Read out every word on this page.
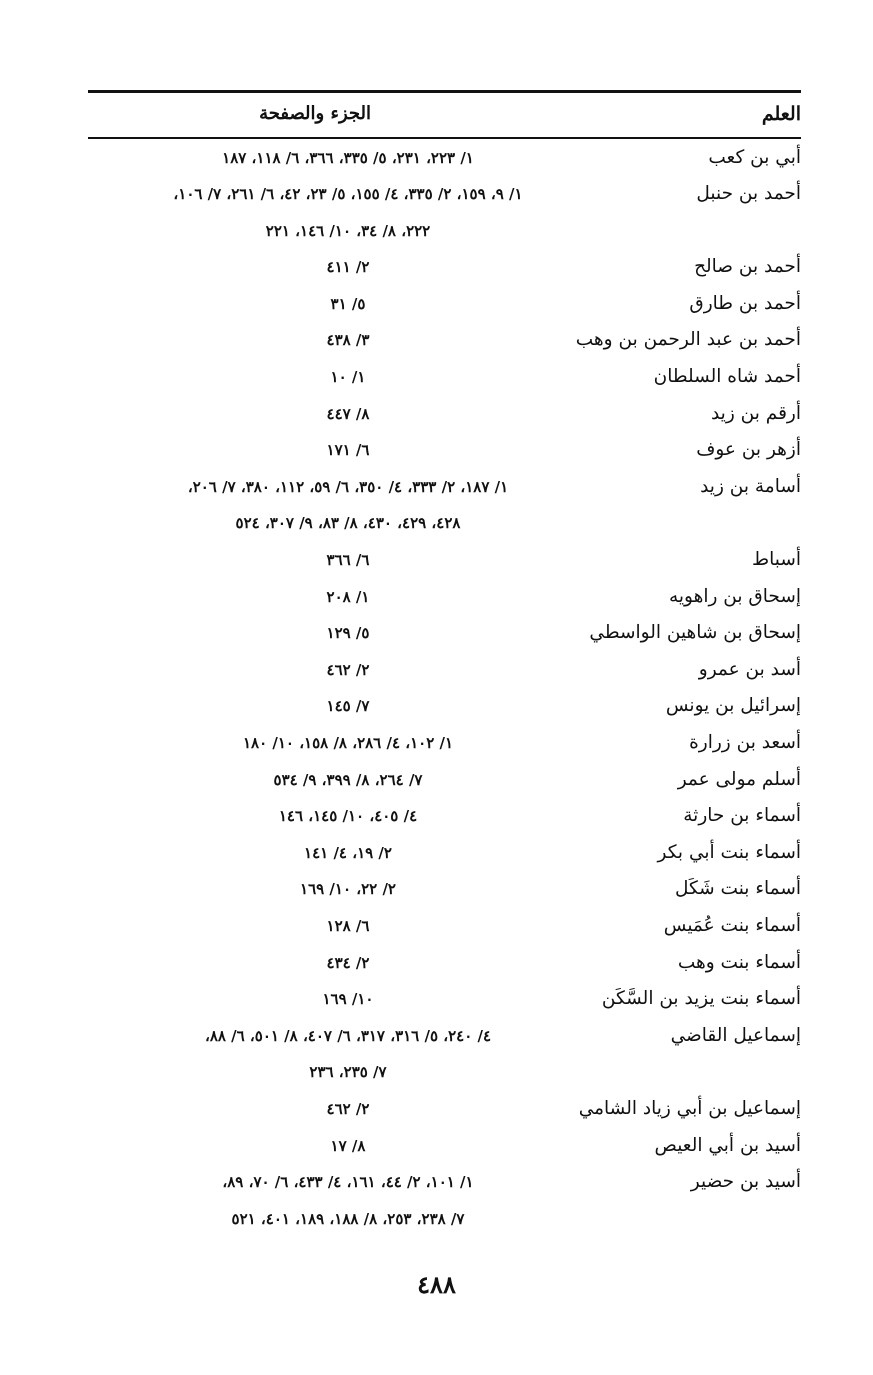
العلم
الجزء والصفحة
أبي بن كعب
١/ ٢٢٣، ٢٣١، ٥/ ٣٣٥، ٣٦٦، ٦/ ١١٨، ١٨٧
أحمد بن حنبل
١/ ٩، ١٥٩، ٢/ ٣٣٥، ٤/ ١٥٥، ٥/ ٢٣، ٤٢، ٦/ ٢٦١، ٧/ ١٠٦،
٢٢٢، ٨/ ٣٤، ١٠/ ١٤٦، ٢٢١
أحمد بن صالح
٢/ ٤١١
أحمد بن طارق
٥/ ٣١
أحمد بن عبد الرحمن بن وهب
٣/ ٤٣٨
أحمد شاه السلطان
١/ ١٠
أرقم بن زيد
٨/ ٤٤٧
أزهر بن عوف
٦/ ١٧١
أسامة بن زيد
١/ ١٨٧، ٢/ ٣٣٣، ٤/ ٣٥٠، ٦/ ٥٩، ١١٢، ٣٨٠، ٧/ ٢٠٦،
٤٢٨، ٤٢٩، ٤٣٠، ٨/ ٨٣، ٩/ ٣٠٧، ٥٢٤
أسباط
٦/ ٣٦٦
إسحاق بن راهويه
١/ ٢٠٨
إسحاق بن شاهين الواسطي
٥/ ١٢٩
أسد بن عمرو
٢/ ٤٦٢
إسرائيل بن يونس
٧/ ١٤٥
أسعد بن زرارة
١/ ١٠٢، ٤/ ٢٨٦، ٨/ ١٥٨، ١٠/ ١٨٠
أسلم مولى عمر
٧/ ٢٦٤، ٨/ ٣٩٩، ٩/ ٥٣٤
أسماء بن حارثة
٤/ ٤٠٥، ١٠/ ١٤٥، ١٤٦
أسماء بنت أبي بكر
٢/ ١٩، ٤/ ١٤١
أسماء بنت شَكَل
٢/ ٢٢، ١٠/ ١٦٩
أسماء بنت عُمَيس
٦/ ١٢٨
أسماء بنت وهب
٢/ ٤٣٤
أسماء بنت يزيد بن السَّكَن
١٠/ ١٦٩
إسماعيل القاضي
٤/ ٢٤٠، ٥/ ٣١٦، ٣١٧، ٦/ ٤٠٧، ٨/ ٥٠١، ٦/ ٨٨،
٧/ ٢٣٥، ٢٣٦
إسماعيل بن أبي زياد الشامي
٢/ ٤٦٢
أسيد بن أبي العيص
٨/ ١٧
أسيد بن حضير
١/ ١٠١، ٢/ ٤٤، ١٦١، ٤/ ٤٣٣، ٦/ ٧٠، ٨٩،
٧/ ٢٣٨، ٢٥٣، ٨/ ١٨٨، ١٨٩، ٤٠١، ٥٢١
٤٨٨
